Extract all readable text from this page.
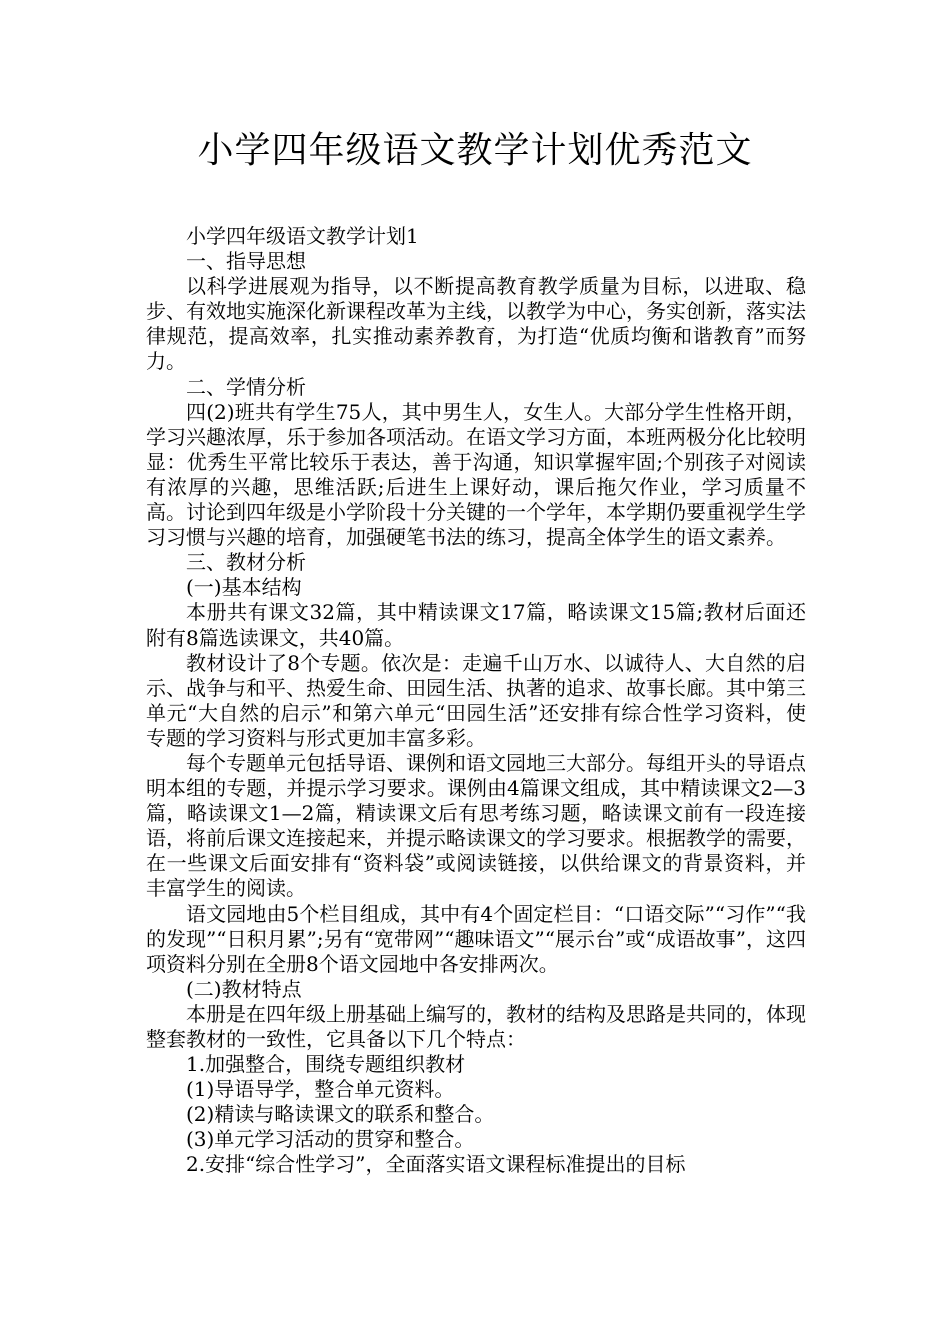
小学四年级语文教学计划优秀范文

小学四年级语文教学计划1

一、指导思想

以科学进展观为指导，以不断提高教育教学质量为目标，以进取、稳步、有效地实施深化新课程改革为主线，以教学为中心，务实创新，落实法律规范，提高效率，扎实推动素养教育，为打造“优质均衡和谐教育”而努力。

二、学情分析

四(2)班共有学生75人，其中男生人，女生人。大部分学生性格开朗，学习兴趣浓厚，乐于参加各项活动。在语文学习方面，本班两极分化比较明显：优秀生平常比较乐于表达，善于沟通，知识掌握牢固;个别孩子对阅读有浓厚的兴趣，思维活跃;后进生上课好动，课后拖欠作业，学习质量不高。讨论到四年级是小学阶段十分关键的一个学年，本学期仍要重视学生学习习惯与兴趣的培育，加强硬笔书法的练习，提高全体学生的语文素养。

三、教材分析

(一)基本结构

本册共有课文32篇，其中精读课文17篇，略读课文15篇;教材后面还附有8篇选读课文，共40篇。

教材设计了8个专题。依次是：走遍千山万水、以诚待人、大自然的启示、战争与和平、热爱生命、田园生活、执著的追求、故事长廊。其中第三单元“大自然的启示”和第六单元“田园生活”还安排有综合性学习资料，使专题的学习资料与形式更加丰富多彩。

每个专题单元包括导语、课例和语文园地三大部分。每组开头的导语点明本组的专题，并提示学习要求。课例由4篇课文组成，其中精读课文2—3篇，略读课文1—2篇，精读课文后有思考练习题，略读课文前有一段连接语，将前后课文连接起来，并提示略读课文的学习要求。根据教学的需要，在一些课文后面安排有“资料袋”或阅读链接，以供给课文的背景资料，并丰富学生的阅读。

语文园地由5个栏目组成，其中有4个固定栏目：“口语交际”“习作”“我的发现”“日积月累”;另有“宽带网”“趣味语文”“展示台”或“成语故事”，这四项资料分别在全册8个语文园地中各安排两次。

(二)教材特点

本册是在四年级上册基础上编写的，教材的结构及思路是共同的，体现整套教材的一致性，它具备以下几个特点：

1.加强整合，围绕专题组织教材

(1)导语导学，整合单元资料。

(2)精读与略读课文的联系和整合。

(3)单元学习活动的贯穿和整合。

2.安排“综合性学习”，全面落实语文课程标准提出的目标
